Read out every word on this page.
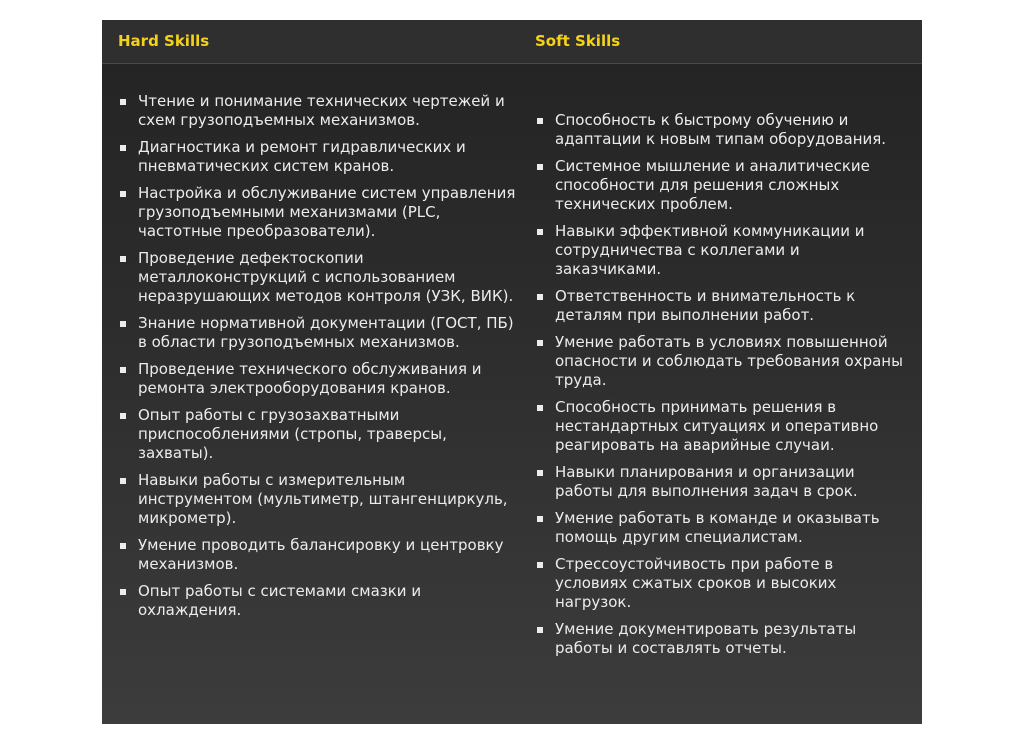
Hard Skills	Soft Skills
Чтение и понимание технических чертежей и схем грузоподъемных механизмов.
Диагностика и ремонт гидравлических и пневматических систем кранов.
Настройка и обслуживание систем управления грузоподъемными механизмами (PLC, частотные преобразователи).
Проведение дефектоскопии металлоконструкций с использованием неразрушающих методов контроля (УЗК, ВИК).
Знание нормативной документации (ГОСТ, ПБ) в области грузоподъемных механизмов.
Проведение технического обслуживания и ремонта электрооборудования кранов.
Опыт работы с грузозахватными приспособлениями (стропы, траверсы, захваты).
Навыки работы с измерительным инструментом (мультиметр, штангенциркуль, микрометр).
Умение проводить балансировку и центровку механизмов.
Опыт работы с системами смазки и охлаждения.
Способность к быстрому обучению и адаптации к новым типам оборудования.
Системное мышление и аналитические способности для решения сложных технических проблем.
Навыки эффективной коммуникации и сотрудничества с коллегами и заказчиками.
Ответственность и внимательность к деталям при выполнении работ.
Умение работать в условиях повышенной опасности и соблюдать требования охраны труда.
Способность принимать решения в нестандартных ситуациях и оперативно реагировать на аварийные случаи.
Навыки планирования и организации работы для выполнения задач в срок.
Умение работать в команде и оказывать помощь другим специалистам.
Стрессоустойчивость при работе в условиях сжатых сроков и высоких нагрузок.
Умение документировать результаты работы и составлять отчеты.
